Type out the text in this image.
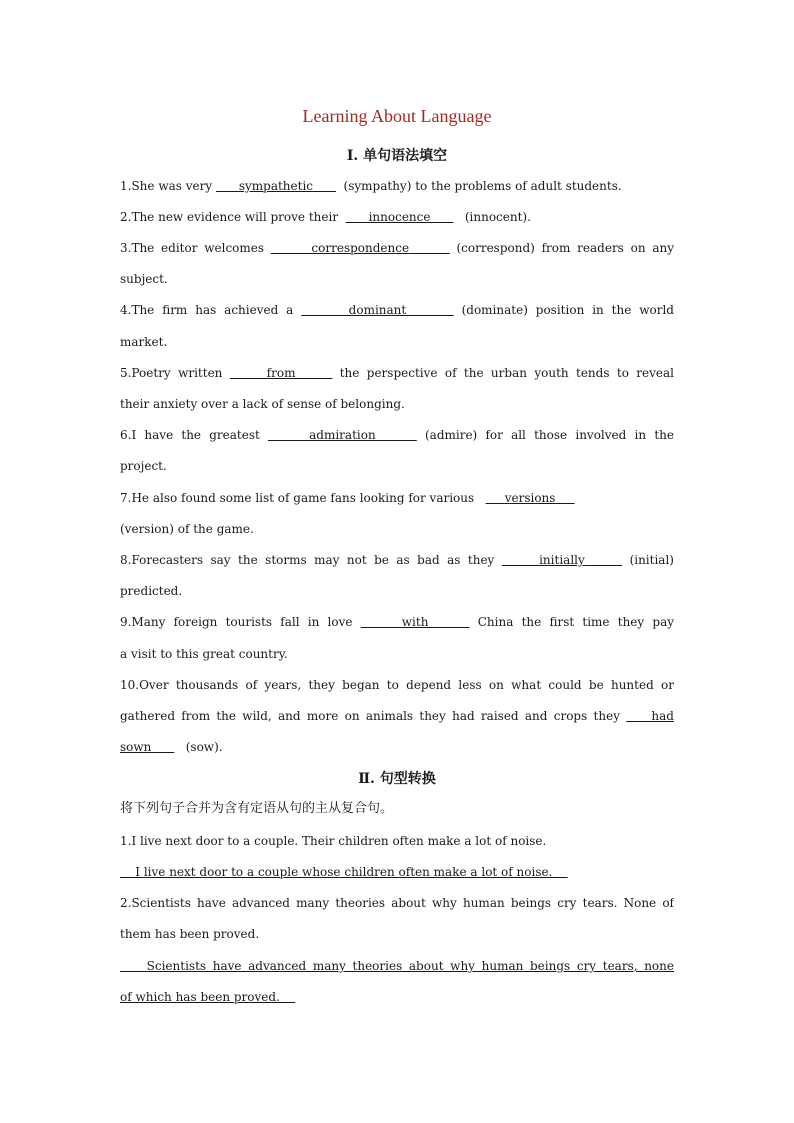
Learning About Language
Ⅰ. 单句语法填空
1.She was very       sympathetic	(sympathy) to the problems of adult students.
2.The new evidence will prove their        innocence	(innocent).
3.The editor welcomes	correspondence	(correspond) from readers on any
subject.
4.The firm has achieved a	dominant	(dominate) position in the world
market.
5.Poetry written	from	the perspective of the urban youth tends to reveal
their anxiety over a lack of sense of belonging.
6.I have the greatest	admiration	(admire) for all those involved in the
project.
7.He also found some list of game fans looking for various        versions
(version) of the game.
8.Forecasters say the storms may not be as bad as they	initially	(initial)
predicted.
9.Many foreign tourists fall in love	with	China the first time they pay
a visit to this great country.
10.Over thousands of years, they began to depend less on what could be hunted or
gathered from the wild, and more on animals they had raised and crops they     had
sown	(sow).
Ⅱ. 句型转换
将下列句子合并为含有定语从句的主从复合句。
1.I live next door to a couple. Their children often make a lot of noise.
I live next door to a couple whose children often make a lot of noise.
2.Scientists have advanced many theories about why human beings cry tears. None of
them has been proved.
Scientists have advanced many theories about why human beings cry tears, none
of which has been proved.
